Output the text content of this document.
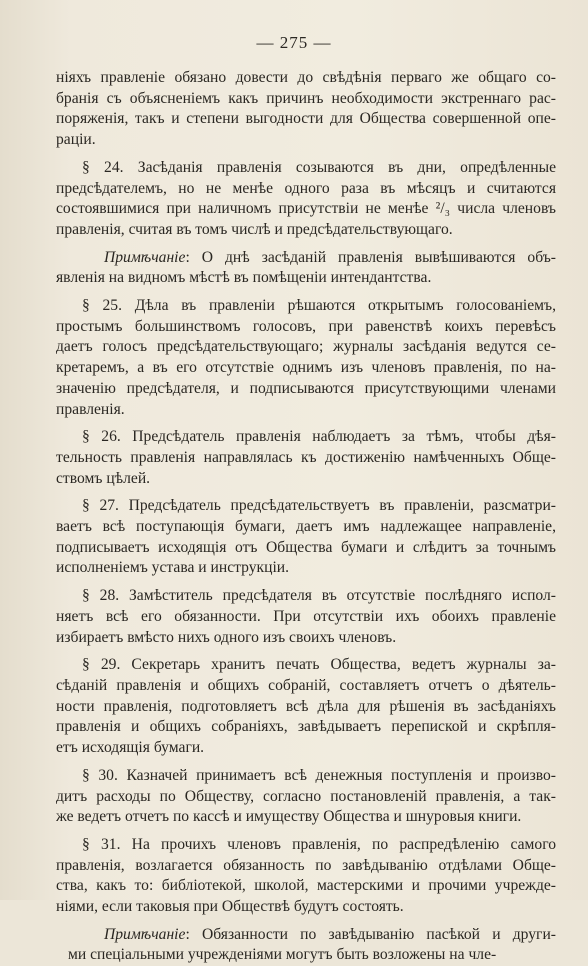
— 275 —
ніяхъ правленіе обязано довести до свѣдѣнія перваго же общаго со-
бранія съ объясненіемъ какъ причинъ необходимости экстреннаго рас-
поряженія, такъ и степени выгодности для Общества совершенной опе-
раціи.
§ 24. Засѣданія правленія созываются въ дни, опредѣленные
предсѣдателемъ, но не менѣе одного раза въ мѣсяцъ и считаются
состоявшимися при наличномъ присутствіи не менѣе ²/₃ числа членовъ
правленія, считая въ томъ числѣ и предсѣдательствующаго.
Примѣчаніе: О днѣ засѣданій правленія вывѣшиваются объ-
явленія на видномъ мѣстѣ въ помѣщеніи интендантства.
§ 25. Дѣла въ правленіи рѣшаются открытымъ голосованіемъ,
простымъ большинствомъ голосовъ, при равенствѣ коихъ перевѣсъ
даетъ голосъ предсѣдательствующаго; журналы засѣданія ведутся се-
кретаремъ, а въ его отсутствіе однимъ изъ членовъ правленія, по на-
значенію предсѣдателя, и подписываются присутствующими членами
правленія.
§ 26. Предсѣдатель правленія наблюдаетъ за тѣмъ, чтобы дѣя-
тельность правленія направлялась къ достиженію намѣченныхъ Обще-
ствомъ цѣлей.
§ 27. Предсѣдатель предсѣдательствуетъ въ правленіи, разсматри-
ваетъ всѣ поступающія бумаги, даетъ имъ надлежащее направленіе,
подписываетъ исходящія отъ Общества бумаги и слѣдитъ за точнымъ
исполненіемъ устава и инструкціи.
§ 28. Замѣститель предсѣдателя въ отсутствіе послѣдняго испол-
няетъ всѣ его обязанности. При отсутствіи ихъ обоихъ правленіе
избираетъ вмѣсто нихъ одного изъ своихъ членовъ.
§ 29. Секретарь хранитъ печать Общества, ведетъ журналы за-
сѣданій правленія и общихъ собраній, составляетъ отчетъ о дѣятель-
ности правленія, подготовляетъ всѣ дѣла для рѣшенія въ засѣданіяхъ
правленія и общихъ собраніяхъ, завѣдываетъ перепиской и скрѣпля-
етъ исходящія бумаги.
§ 30. Казначей принимаетъ всѣ денежныя поступленія и произво-
дитъ расходы по Обществу, согласно постановленій правленія, а так-
же ведетъ отчетъ по кассѣ и имуществу Общества и шнуровыя книги.
§ 31. На прочихъ членовъ правленія, по распредѣленію самого
правленія, возлагается обязанность по завѣдыванію отдѣлами Обще-
ства, какъ то: библіотекой, школой, мастерскими и прочими учрежде-
ніями, если таковыя при Обществѣ будутъ состоять.
Примѣчаніе: Обязанности по завѣдыванію пасѣкой и други-
ми спеціальными учрежденіями могутъ быть возложены на чле-
